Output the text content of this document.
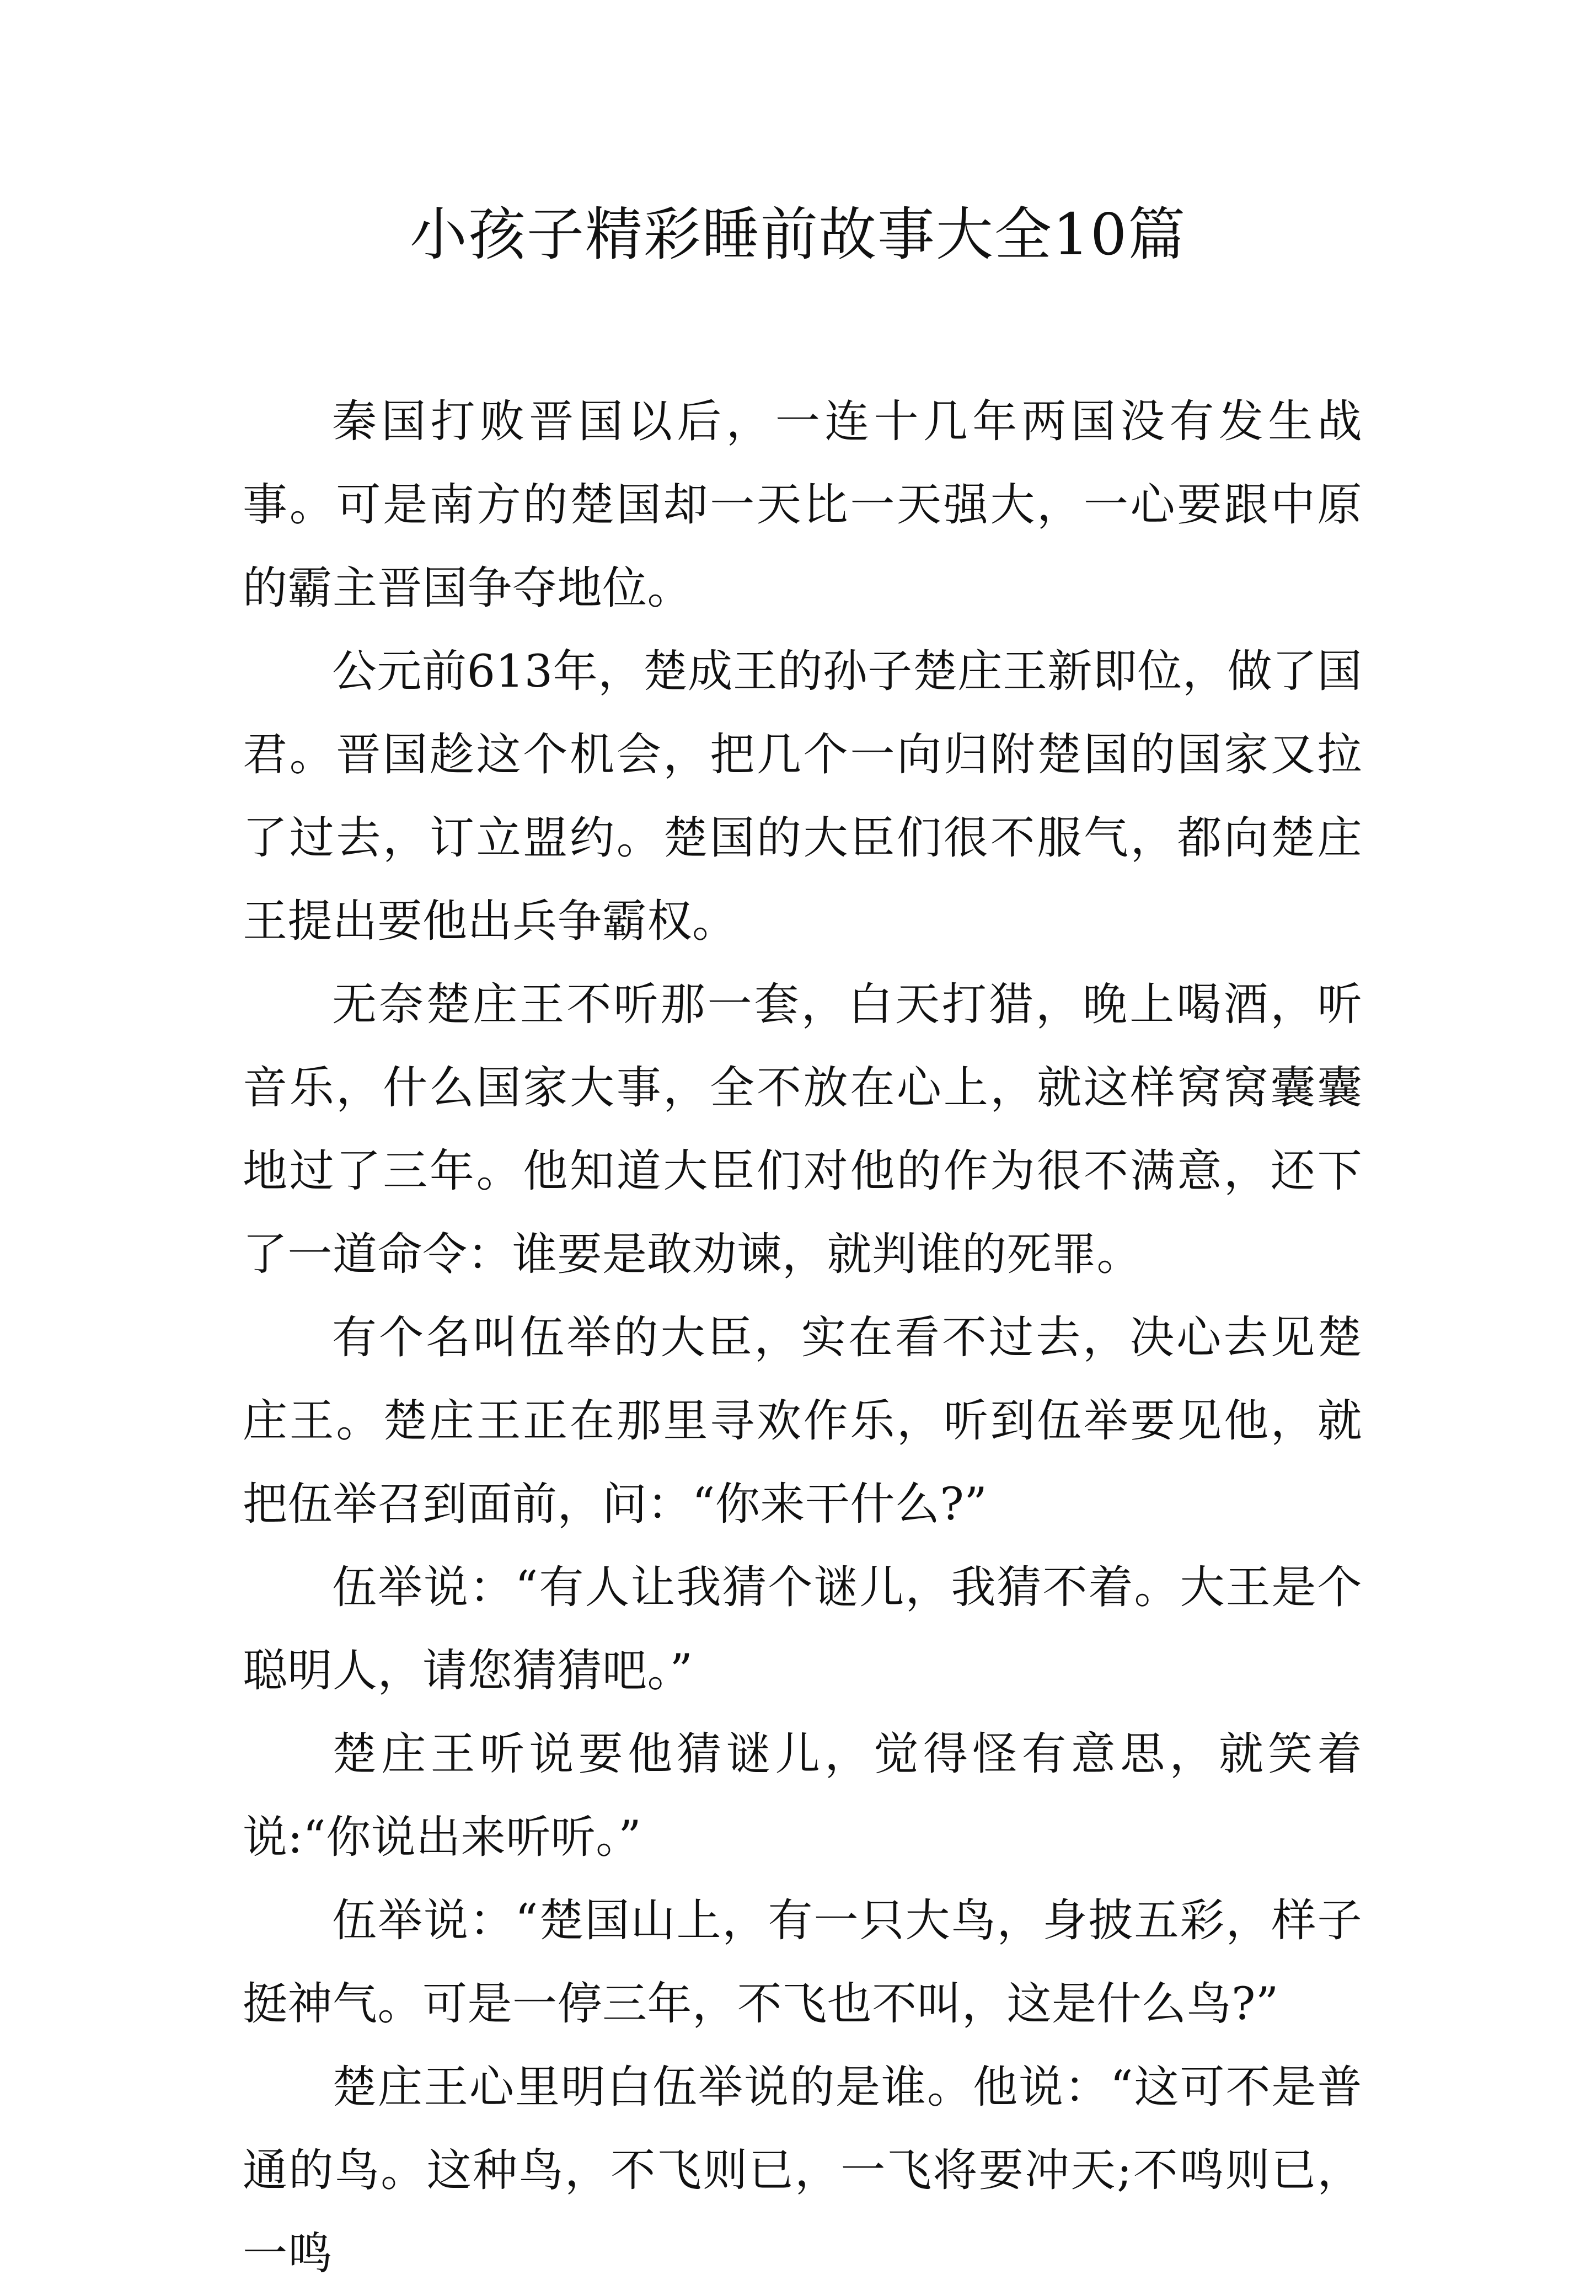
小孩子精彩睡前故事大全10篇

秦国打败晋国以后，一连十几年两国没有发生战事。可是南方的楚国却一天比一天强大，一心要跟中原的霸主晋国争夺地位。

公元前613年，楚成王的孙子楚庄王新即位，做了国君。晋国趁这个机会，把几个一向归附楚国的国家又拉了过去，订立盟约。楚国的大臣们很不服气，都向楚庄王提出要他出兵争霸权。

无奈楚庄王不听那一套，白天打猎，晚上喝酒，听音乐，什么国家大事，全不放在心上，就这样窝窝囊囊地过了三年。他知道大臣们对他的作为很不满意，还下了一道命令：谁要是敢劝谏，就判谁的死罪。

有个名叫伍举的大臣，实在看不过去，决心去见楚庄王。楚庄王正在那里寻欢作乐，听到伍举要见他，就把伍举召到面前，问：“你来干什么?”

伍举说：“有人让我猜个谜儿，我猜不着。大王是个聪明人，请您猜猜吧。”

楚庄王听说要他猜谜儿，觉得怪有意思，就笑着说:“你说出来听听。”

伍举说：“楚国山上，有一只大鸟，身披五彩，样子挺神气。可是一停三年，不飞也不叫，这是什么鸟?”

楚庄王心里明白伍举说的是谁。他说：“这可不是普通的鸟。这种鸟，不飞则已，一飞将要冲天;不鸣则已，一鸣
